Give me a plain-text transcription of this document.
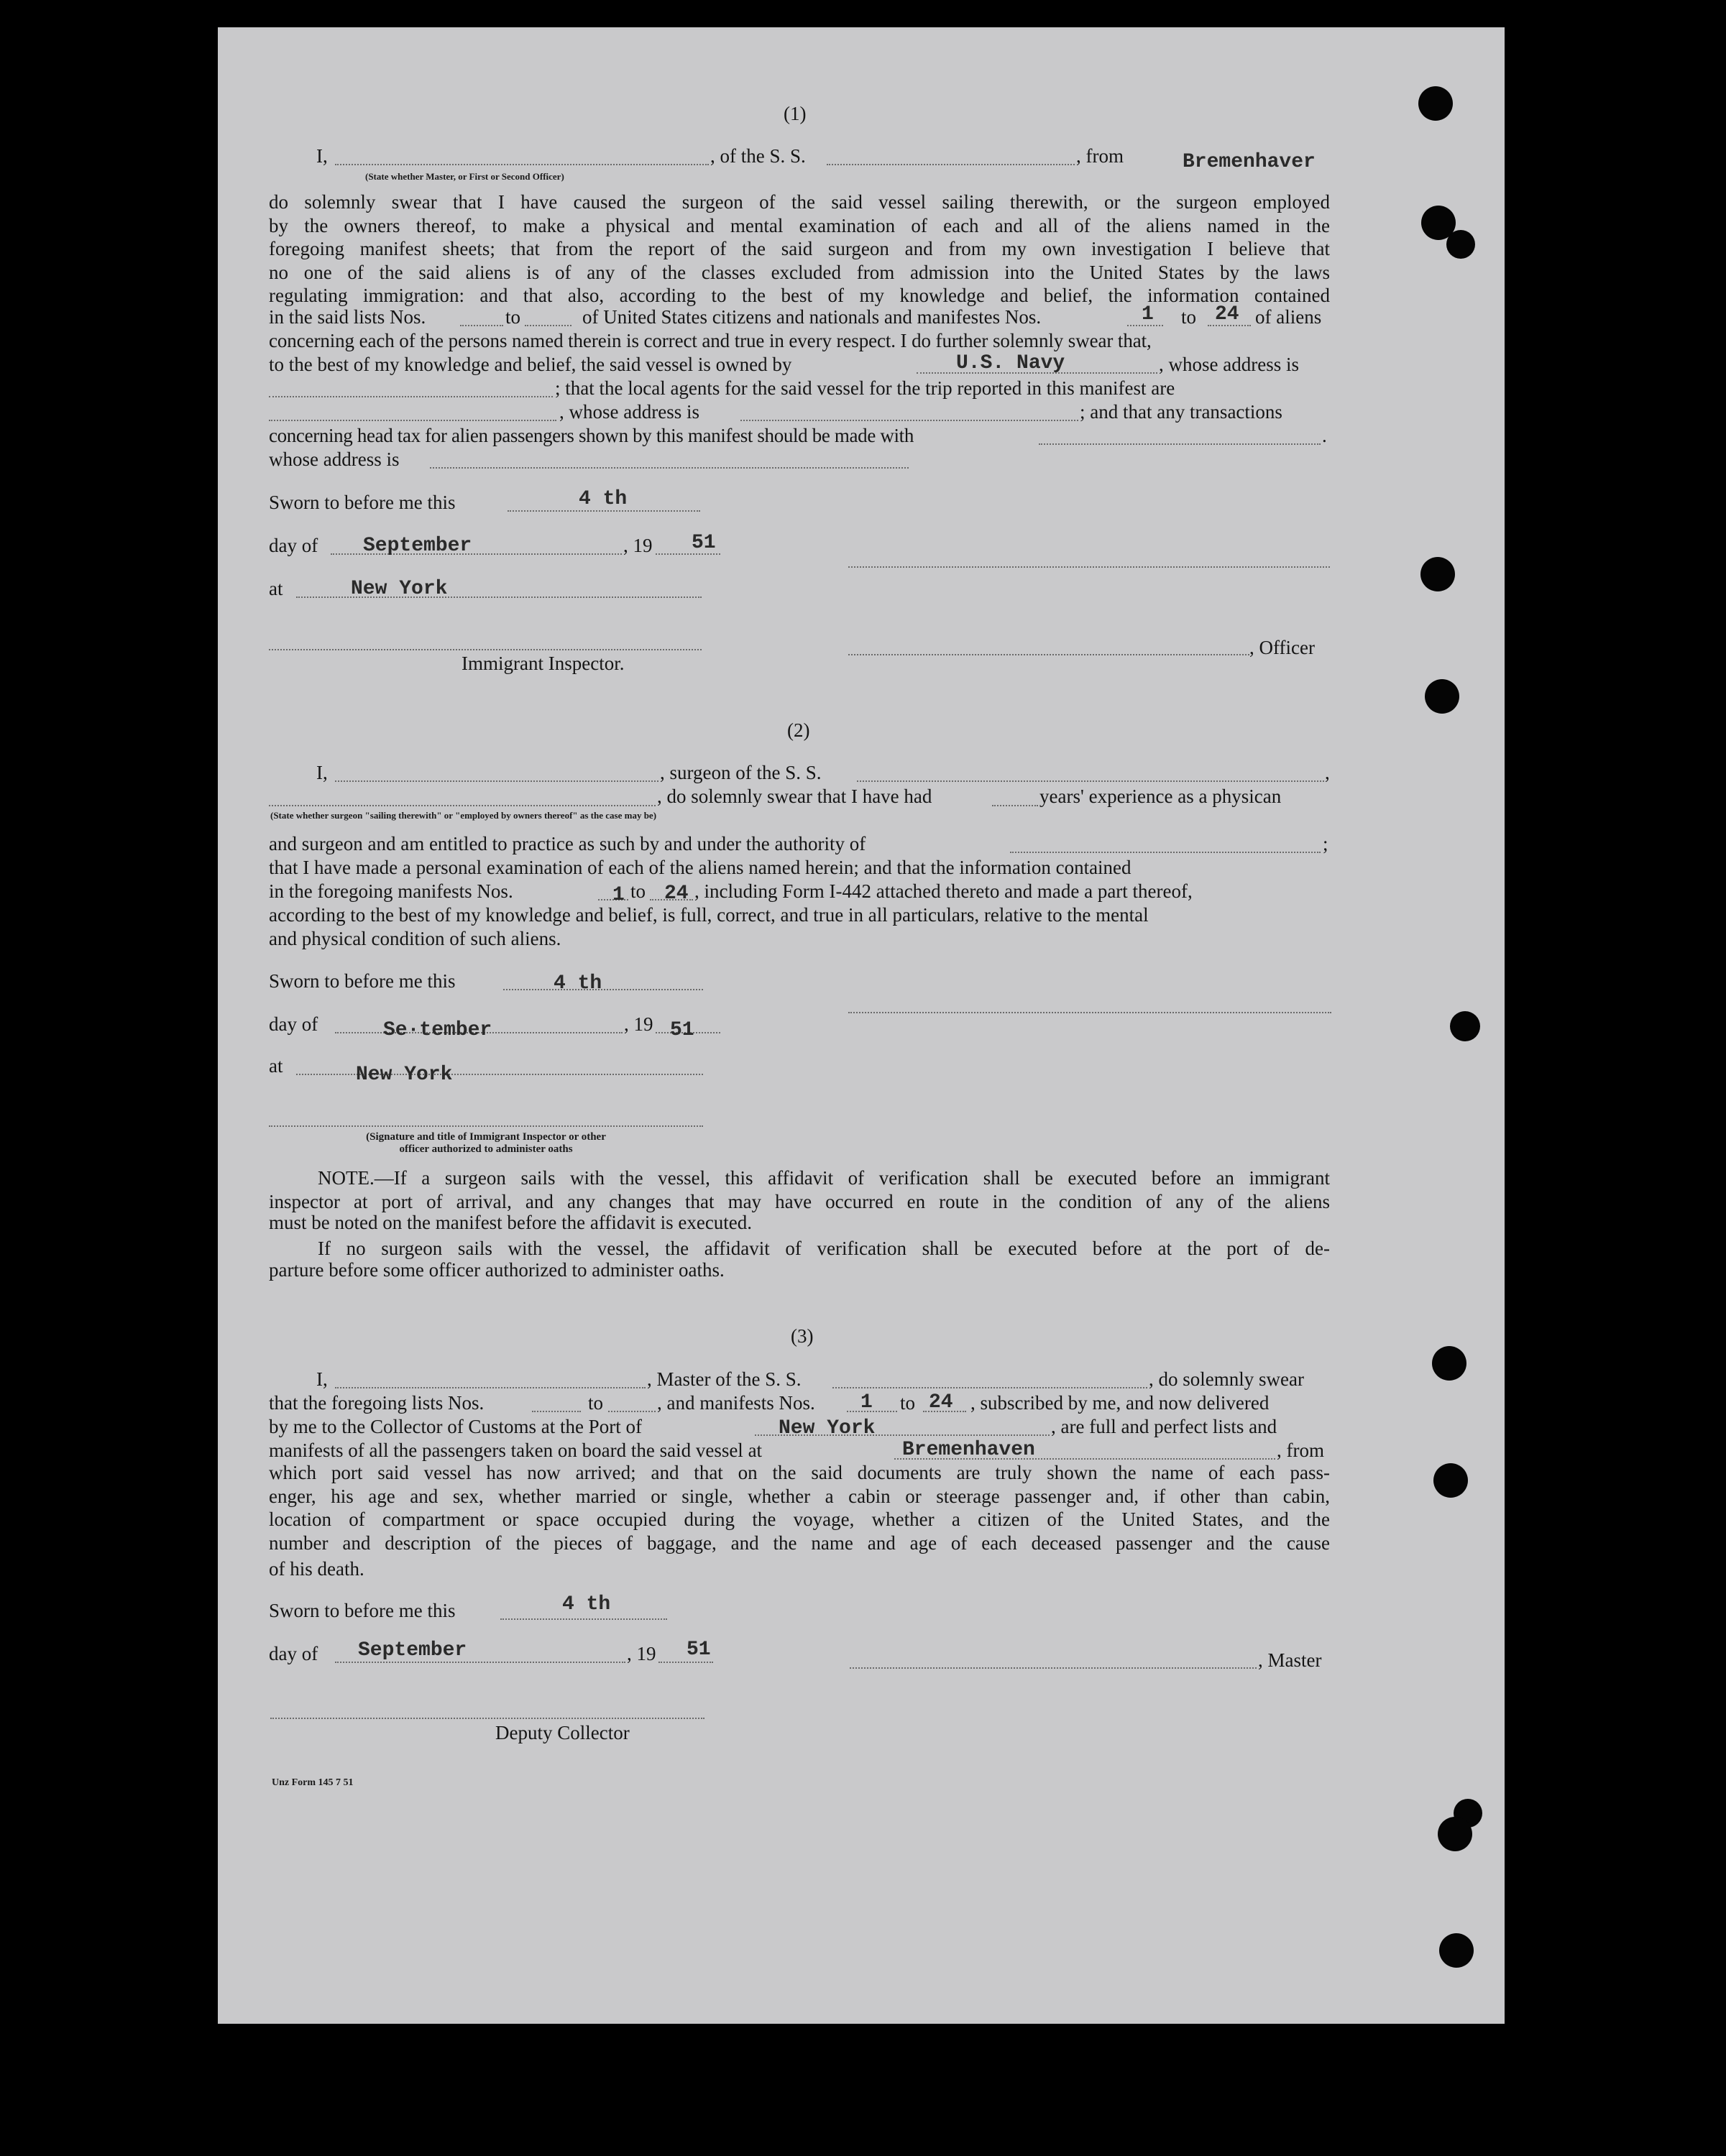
(1)
I,	, of the S. S.	, from	Bremenhaver
(State whether Master, or First or Second Officer)
do solemnly swear that I have caused the surgeon of the said vessel sailing therewith, or the surgeon employed
by the owners thereof, to make a physical and mental examination of each and all of the aliens named in the
foregoing manifest sheets; that from the report of the said surgeon and from my own investigation I believe that
no one of the said aliens is of any of the classes excluded from admission into the United States by the laws
regulating immigration: and that also, according to the best of my knowledge and belief, the information contained
in the said lists Nos.	to	of United States citizens and nationals and manifestes Nos.	1 to 24 of aliens
concerning each of the persons named therein is correct and true in every respect. I do further solemnly swear that,
to the best of my knowledge and belief, the said vessel is owned by	U.S. Navy	, whose address is
; that the local agents for the said vessel for the trip reported in this manifest are
, whose address is	; and that any transactions
concerning head tax for alien passengers shown by this manifest should be made with	.
whose address is
Sworn to before me this	4 th
day of September	, 19 51
at	New York
, Officer
Immigrant Inspector.
(2)
I,	, surgeon of the S. S.	,
, do solemnly swear that I have had	years' experience as a physican
(State whether surgeon "sailing therewith" or "employed by owners thereof" as the case may be)
and surgeon and am entitled to practice as such by and under the authority of	;
that I have made a personal examination of each of the aliens named herein; and that the information contained
in the foregoing manifests Nos.	1 to 24 , including Form I-442 attached thereto and made a part thereof,
according to the best of my knowledge and belief, is full, correct, and true in all particulars, relative to the mental
and physical condition of such aliens.
Sworn to before me this	4 th
day of	Se·tember	, 19 51
at	New York
(Signature and title of Immigrant Inspector or other
officer authorized to administer oaths
NOTE.—If a surgeon sails with the vessel, this affidavit of verification shall be executed before an immigrant
inspector at port of arrival, and any changes that may have occurred en route in the condition of any of the aliens
must be noted on the manifest before the affidavit is executed.
If no surgeon sails with the vessel, the affidavit of verification shall be executed before at the port of de-
parture before some officer authorized to administer oaths.
(3)
I,	, Master of the S. S.	, do solemnly swear
that the foregoing lists Nos.	to	, and manifests Nos. 1 to 24 , subscribed by me, and now delivered
by me to the Collector of Customs at the Port of	New York	, are full and perfect lists and
manifests of all the passengers taken on board the said vessel at	Bremenhaven	, from
which port said vessel has now arrived; and that on the said documents are truly shown the name of each pass-
enger, his age and sex, whether married or single, whether a cabin or steerage passenger and, if other than cabin,
location of compartment or space occupied during the voyage, whether a citizen of the United States, and the
number and description of the pieces of baggage, and the name and age of each deceased passenger and the cause
of his death.
Sworn to before me this	4 th
day of September	, 19 51	, Master
Deputy Collector
Unz Form 145 7 51
